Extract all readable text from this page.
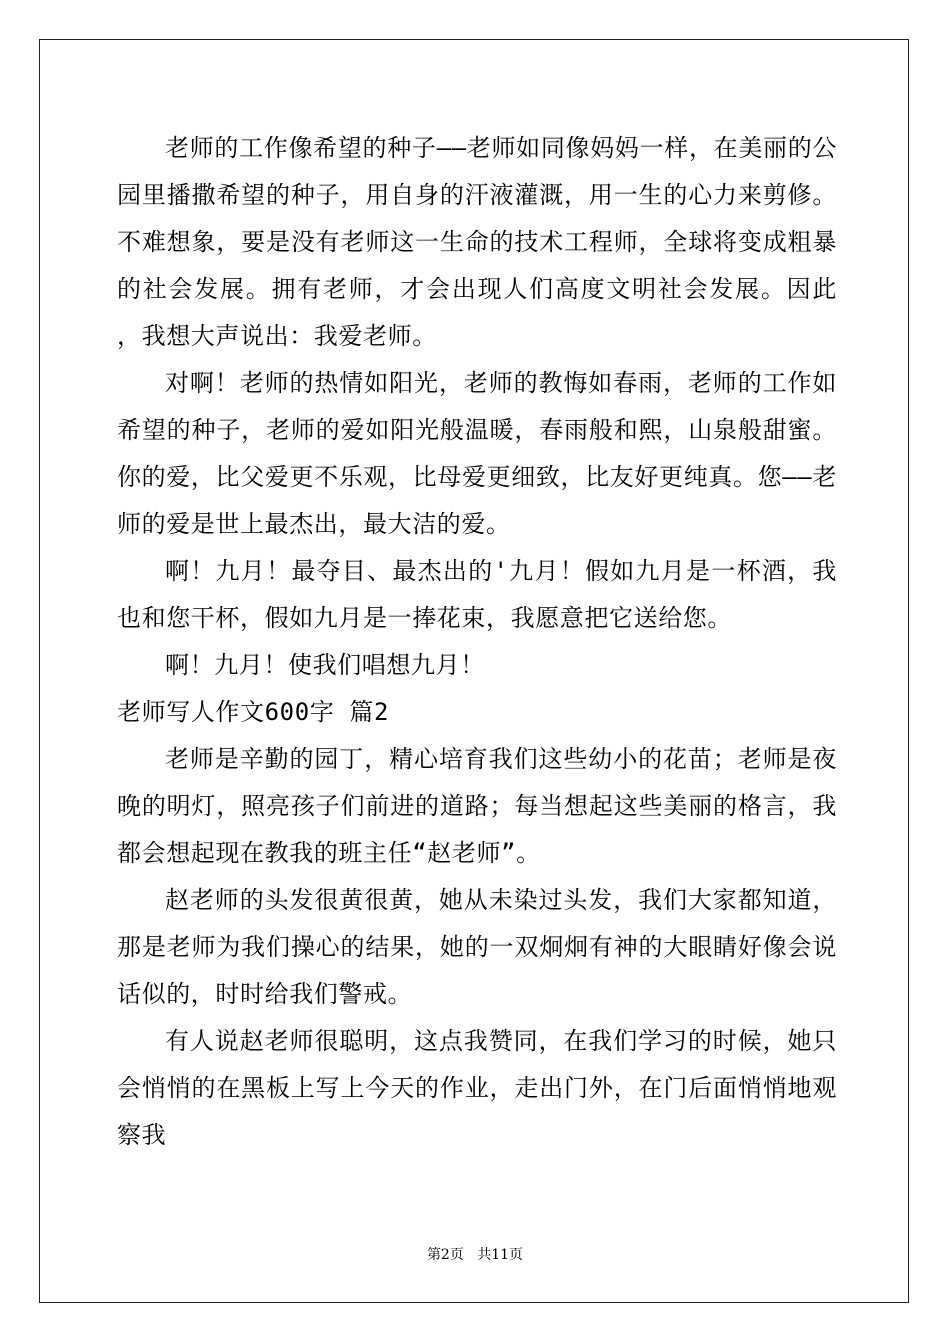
老师的工作像希望的种子——老师如同像妈妈一样，在美丽的公园里播撒希望的种子，用自身的汗液灌溉，用一生的心力来剪修。不难想象，要是没有老师这一生命的技术工程师，全球将变成粗暴的社会发展。拥有老师，才会出现人们高度文明社会发展。因此 ，我想大声说出：我爱老师。

对啊！老师的热情如阳光，老师的教悔如春雨，老师的工作如希望的种子，老师的爱如阳光般温暖，春雨般和熙，山泉般甜蜜。你的爱，比父爱更不乐观，比母爱更细致，比友好更纯真。您——老师的爱是世上最杰出，最大洁的爱。

啊！九月！最夺目、最杰出的'九月！假如九月是一杯酒，我也和您干杯，假如九月是一捧花束，我愿意把它送给您。

啊！九月！使我们唱想九月！

老师写人作文600字 篇2

老师是辛勤的园丁，精心培育我们这些幼小的花苗；老师是夜晚的明灯，照亮孩子们前进的道路；每当想起这些美丽的格言，我都会想起现在教我的班主任“赵老师”。

赵老师的头发很黄很黄，她从未染过头发，我们大家都知道，那是老师为我们操心的结果，她的一双炯炯有神的大眼睛好像会说话似的，时时给我们警戒。

有人说赵老师很聪明，这点我赞同，在我们学习的时候，她只会悄悄的在黑板上写上今天的作业，走出门外，在门后面悄悄地观察我

第2页 共11页
